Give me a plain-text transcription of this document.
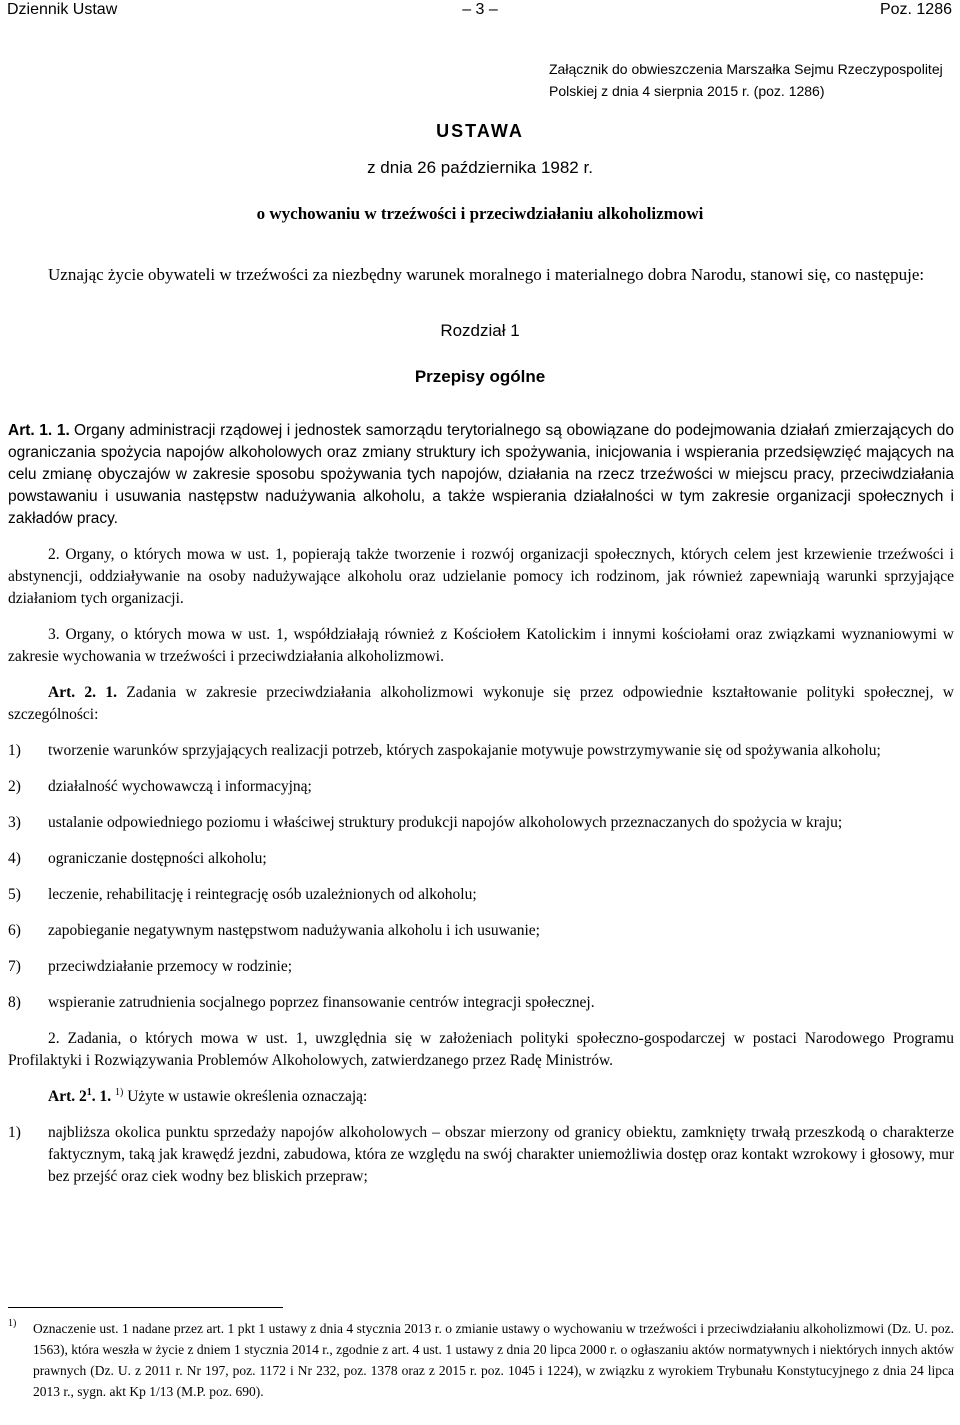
Dziennik Ustaw	– 3 –	Poz. 1286
Załącznik do obwieszczenia Marszałka Sejmu Rzeczypospolitej Polskiej z dnia 4 sierpnia 2015 r. (poz. 1286)
USTAWA
z dnia 26 października 1982 r.
o wychowaniu w trzeźwości i przeciwdziałaniu alkoholizmowi
Uznając życie obywateli w trzeźwości za niezbędny warunek moralnego i materialnego dobra Narodu, stanowi się, co następuje:
Rozdział 1
Przepisy ogólne

Art. 1. 1. Organy administracji rządowej i jednostek samorządu terytorialnego są obowiązane do podejmowania działań zmierzających do ograniczania spożycia napojów alkoholowych oraz zmiany struktury ich spożywania, inicjowania i wspierania przedsięwzięć mających na celu zmianę obyczajów w zakresie sposobu spożywania tych napojów, działania na rzecz trzeźwości w miejscu pracy, przeciwdziałania powstawaniu i usuwania następstw nadużywania alkoholu, a także wspierania działalności w tym zakresie organizacji społecznych i zakładów pracy.

2. Organy, o których mowa w ust. 1, popierają także tworzenie i rozwój organizacji społecznych, których celem jest krzewienie trzeźwości i abstynencji, oddziaływanie na osoby nadużywające alkoholu oraz udzielanie pomocy ich rodzinom, jak również zapewniają warunki sprzyjające działaniom tych organizacji.

3. Organy, o których mowa w ust. 1, współdziałają również z Kościołem Katolickim i innymi kościołami oraz związkami wyznaniowymi w zakresie wychowania w trzeźwości i przeciwdziałania alkoholizmowi.

Art. 2. 1. Zadania w zakresie przeciwdziałania alkoholizmowi wykonuje się przez odpowiednie kształtowanie polityki społecznej, w szczególności:

1) tworzenie warunków sprzyjających realizacji potrzeb, których zaspokajanie motywuje powstrzymywanie się od spożywania alkoholu;
2) działalność wychowawczą i informacyjną;
3) ustalanie odpowiedniego poziomu i właściwej struktury produkcji napojów alkoholowych przeznaczanych do spożycia w kraju;
4) ograniczanie dostępności alkoholu;
5) leczenie, rehabilitację i reintegrację osób uzależnionych od alkoholu;
6) zapobieganie negatywnym następstwom nadużywania alkoholu i ich usuwanie;
7) przeciwdziałanie przemocy w rodzinie;
8) wspieranie zatrudnienia socjalnego poprzez finansowanie centrów integracji społecznej.

2. Zadania, o których mowa w ust. 1, uwzględnia się w założeniach polityki społeczno-gospodarczej w postaci Narodowego Programu Profilaktyki i Rozwiązywania Problemów Alkoholowych, zatwierdzanego przez Radę Ministrów.

Art. $2^1$. 1. $^{1)}$ Użyte w ustawie określenia oznaczają:

1) najbliższa okolica punktu sprzedaży napojów alkoholowych – obszar mierzony od granicy obiektu, zamknięty trwałą przeszkodą o charakterze faktycznym, taką jak krawędź jezdni, zabudowa, która ze względu na swój charakter uniemożliwia dostęp oraz kontakt wzrokowy i głosowy, mur bez przejść oraz ciek wodny bez bliskich przepraw;
1)	Oznaczenie ust. 1 nadane przez art. 1 pkt 1 ustawy z dnia 4 stycznia 2013 r. o zmianie ustawy o wychowaniu w trzeźwości i przeciwdziałaniu alkoholizmowi (Dz. U. poz. 1563), która weszła w życie z dniem 1 stycznia 2014 r., zgodnie z art. 4 ust. 1 ustawy z dnia 20 lipca 2000 r. o ogłaszaniu aktów normatywnych i niektórych innych aktów prawnych (Dz. U. z 2011 r. Nr 197, poz. 1172 i Nr 232, poz. 1378 oraz z 2015 r. poz. 1045 i 1224), w związku z wyrokiem Trybunału Konstytucyjnego z dnia 24 lipca 2013 r., sygn. akt Kp 1/13 (M.P. poz. 690).
